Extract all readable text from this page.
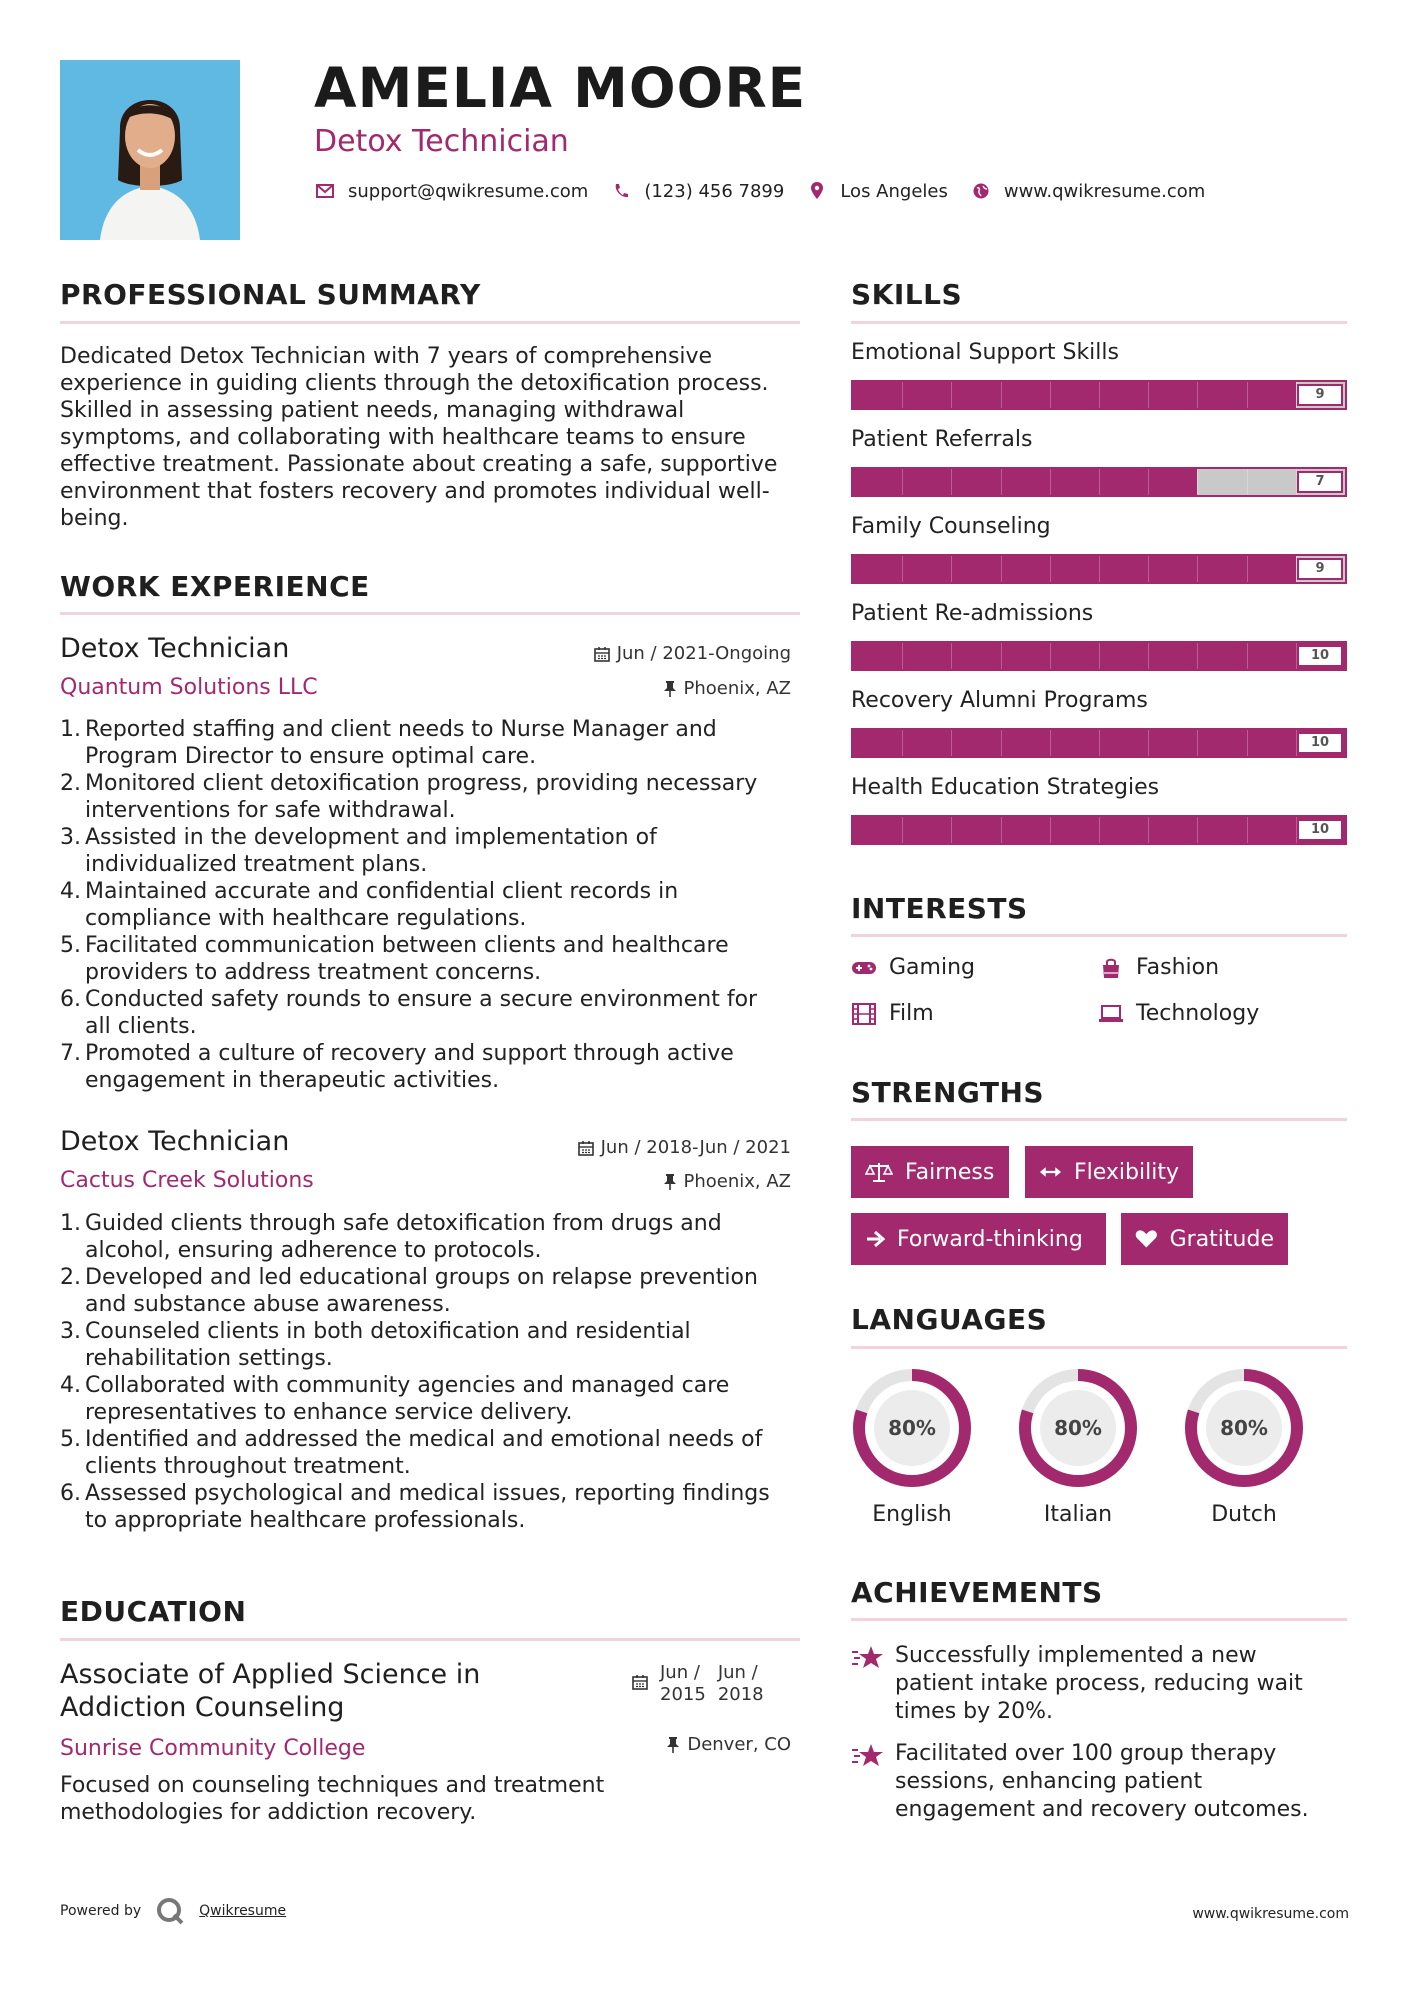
AMELIA MOORE
Detox Technician
support@qwikresume.com	(123) 456 7899	Los Angeles	www.qwikresume.com
PROFESSIONAL SUMMARY
Dedicated Detox Technician with 7 years of comprehensive
experience in guiding clients through the detoxification process.
Skilled in assessing patient needs, managing withdrawal
symptoms, and collaborating with healthcare teams to ensure
effective treatment. Passionate about creating a safe, supportive
environment that fosters recovery and promotes individual well-
being.
WORK EXPERIENCE
Detox Technician
Quantum Solutions LLC
Jun / 2021-Ongoing
Phoenix, AZ
1.
Reported staffing and client needs to Nurse Manager and
Program Director to ensure optimal care.
2.
Monitored client detoxification progress, providing necessary
interventions for safe withdrawal.
3.
Assisted in the development and implementation of
individualized treatment plans.
4.
Maintained accurate and confidential client records in
compliance with healthcare regulations.
5.
Facilitated communication between clients and healthcare
providers to address treatment concerns.
6.
Conducted safety rounds to ensure a secure environment for
all clients.
7.
Promoted a culture of recovery and support through active
engagement in therapeutic activities.
Detox Technician
Cactus Creek Solutions
Jun / 2018-Jun / 2021
Phoenix, AZ
1.
Guided clients through safe detoxification from drugs and
alcohol, ensuring adherence to protocols.
2.
Developed and led educational groups on relapse prevention
and substance abuse awareness.
3.
Counseled clients in both detoxification and residential
rehabilitation settings.
4.
Collaborated with community agencies and managed care
representatives to enhance service delivery.
5.
Identified and addressed the medical and emotional needs of
clients throughout treatment.
6.
Assessed psychological and medical issues, reporting findings
to appropriate healthcare professionals.
EDUCATION
Associate of Applied Science in
Addiction Counseling
Sunrise Community College
Jun /
2015
Jun /
2018
Denver, CO
Focused on counseling techniques and treatment
methodologies for addiction recovery.
SKILLS
Emotional Support Skills
9
Patient Referrals
7
Family Counseling
9
Patient Re-admissions
10
Recovery Alumni Programs
10
Health Education Strategies
10
INTERESTS
Gaming	Fashion
Film	Technology
STRENGTHS
Fairness	Flexibility
Forward-thinking	Gratitude
LANGUAGES
80%
English
80%
Italian
80%
Dutch
ACHIEVEMENTS
Successfully implemented a new
patient intake process, reducing wait
times by 20%.
Facilitated over 100 group therapy
sessions, enhancing patient
engagement and recovery outcomes.
Powered by	Qwikresume	www.qwikresume.com
